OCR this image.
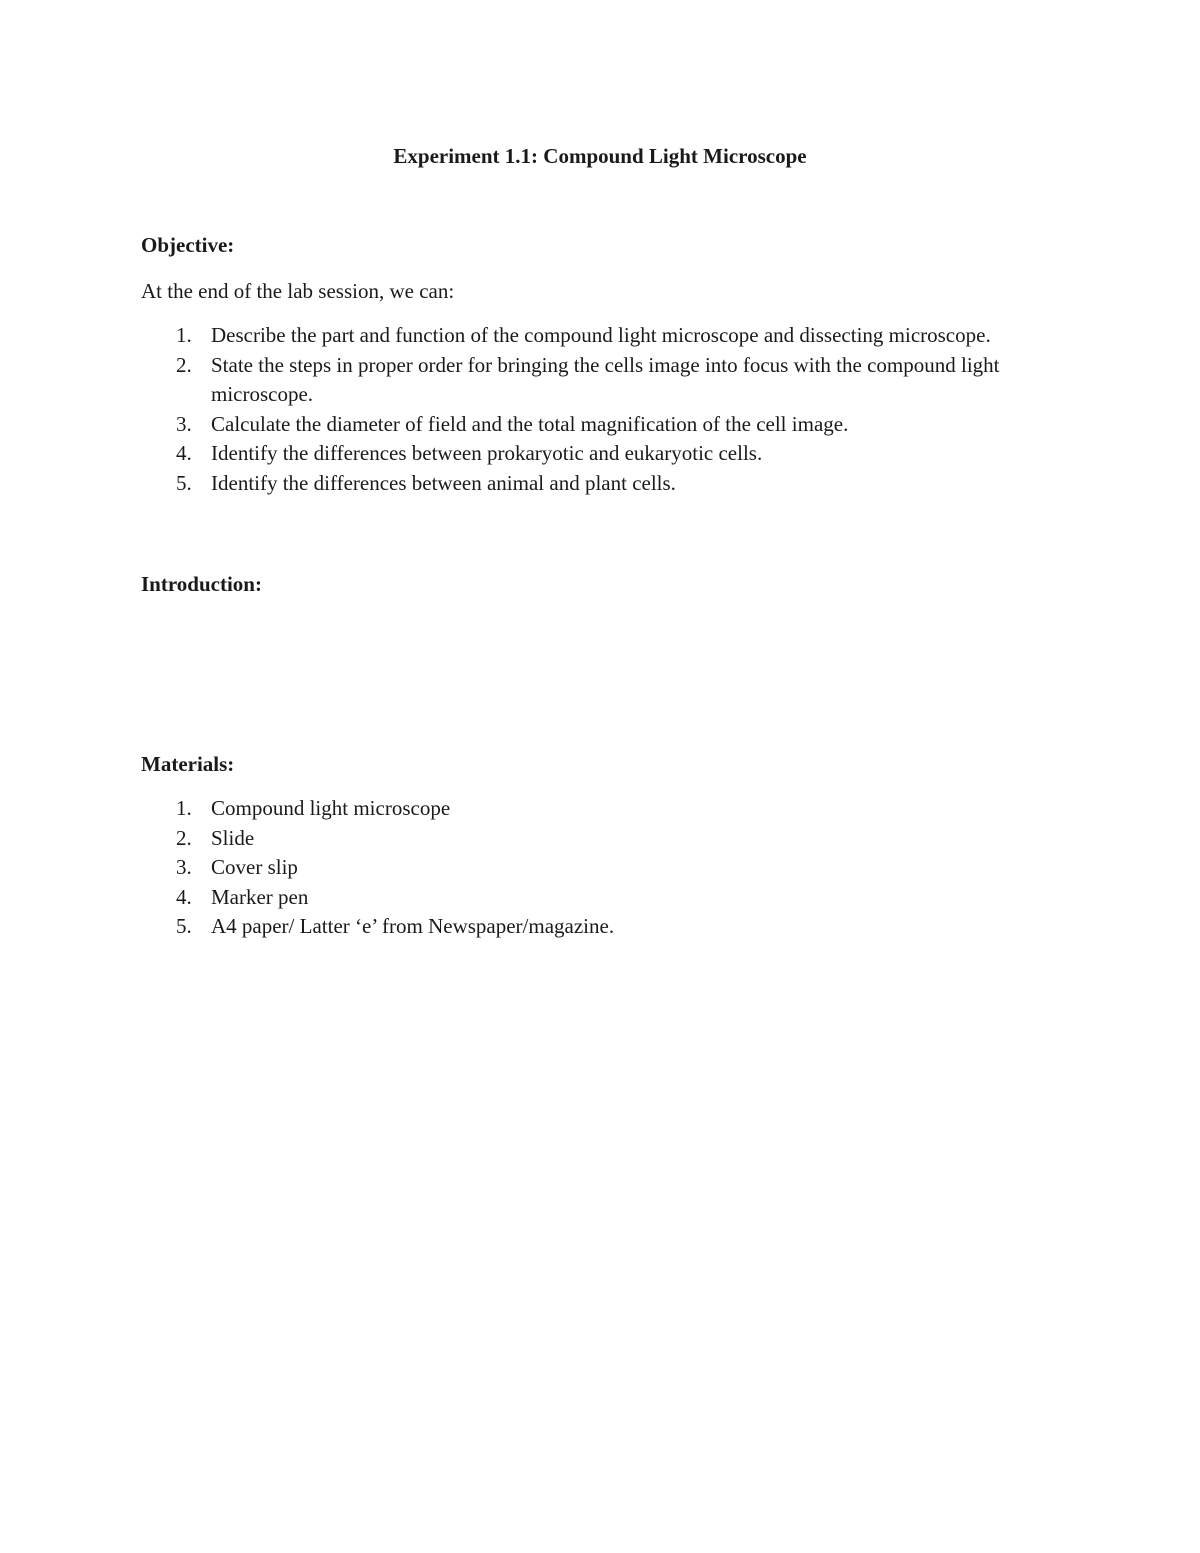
Experiment 1.1: Compound Light Microscope
Objective:
At the end of the lab session, we can:
1. Describe the part and function of the compound light microscope and dissecting microscope.
2. State the steps in proper order for bringing the cells image into focus with the compound light microscope.
3. Calculate the diameter of field and the total magnification of the cell image.
4. Identify the differences between prokaryotic and eukaryotic cells.
5. Identify the differences between animal and plant cells.
Introduction:
Materials:
1. Compound light microscope
2. Slide
3. Cover slip
4. Marker pen
5. A4 paper/ Latter ‘e’ from Newspaper/magazine.
